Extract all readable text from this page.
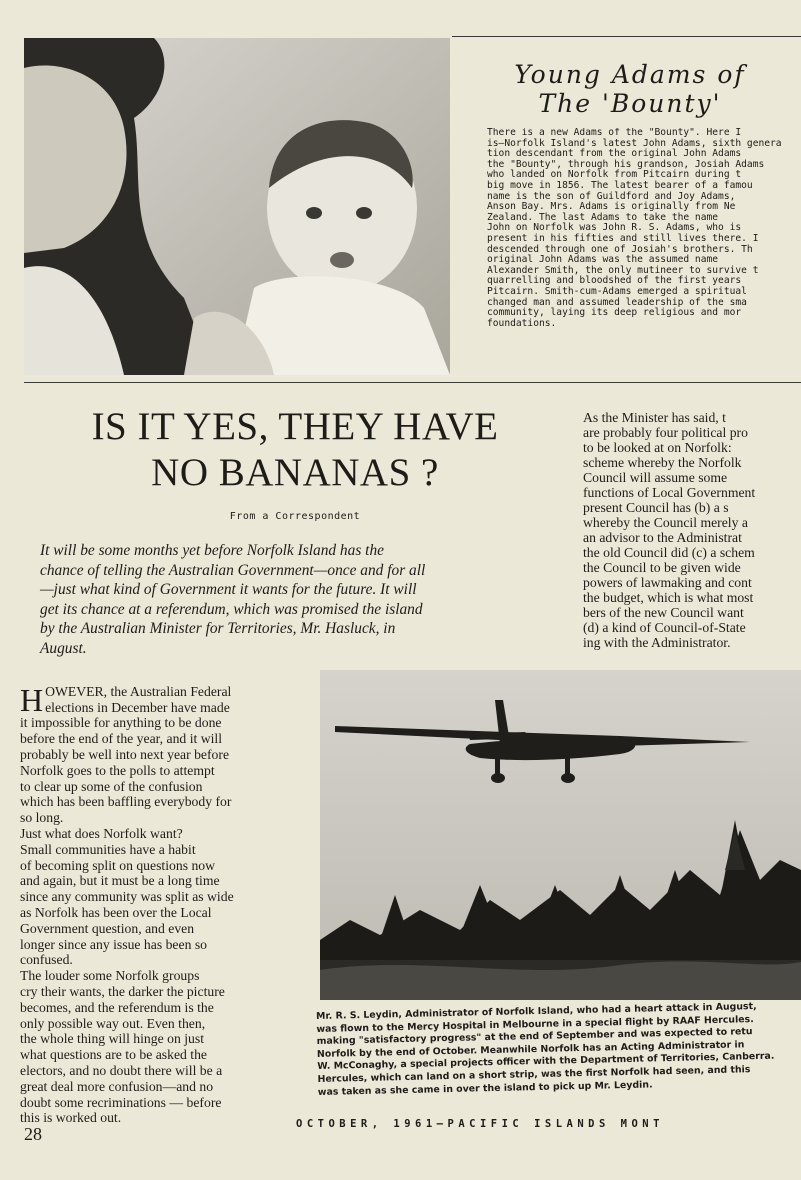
Young Adams of
The 'Bounty'
There is a new Adams of the "Bounty". Here I
is—Norfolk Island's latest John Adams, sixth genera
tion descendant from the original John Adams
the "Bounty", through his grandson, Josiah Adams
who landed on Norfolk from Pitcairn during t
big move in 1856. The latest bearer of a famou
name is the son of Guildford and Joy Adams,
Anson Bay. Mrs. Adams is originally from Ne
Zealand. The last Adams to take the name
John on Norfolk was John R. S. Adams, who is
present in his fifties and still lives there. I
descended through one of Josiah's brothers. Th
original John Adams was the assumed name
Alexander Smith, the only mutineer to survive t
quarrelling and bloodshed of the first years
Pitcairn. Smith-cum-Adams emerged a spiritual
changed man and assumed leadership of the sma
community, laying its deep religious and mor
foundations.
IS IT YES, THEY HAVE
NO BANANAS ?
From a Correspondent
It will be some months yet before Norfolk Island has the
chance of telling the Australian Government—once and for all
—just what kind of Government it wants for the future. It will
get its chance at a referendum, which was promised the island
by the Australian Minister for Territories, Mr. Hasluck, in
August.
As the Minister has said, t
are probably four political pro
to be looked at on Norfolk:
scheme whereby the Norfolk
Council will assume some
functions of Local Government
present Council has (b) a s
whereby the Council merely a
an advisor to the Administrat
the old Council did (c) a schem
the Council to be given wide
powers of lawmaking and cont
the budget, which is what most
bers of the new Council want
(d) a kind of Council-of-State
ing with the Administrator.

HOWEVER, the Australian Federal
elections in December have made
it impossible for anything to be done
before the end of the year, and it will
probably be well into next year before
Norfolk goes to the polls to attempt
to clear up some of the confusion
which has been baffling everybody for
so long.
Just what does Norfolk want?
Small communities have a habit
of becoming split on questions now
and again, but it must be a long time
since any community was split as wide
as Norfolk has been over the Local
Government question, and even
longer since any issue has been so
confused.
The louder some Norfolk groups
cry their wants, the darker the picture
becomes, and the referendum is the
only possible way out. Even then,
the whole thing will hinge on just
what questions are to be asked the
electors, and no doubt there will be a
great deal more confusion—and no
doubt some recriminations — before
this is worked out.

Mr. R. S. Leydin, Administrator of Norfolk Island, who had a heart attack in August,
was flown to the Mercy Hospital in Melbourne in a special flight by RAAF Hercules.
making "satisfactory progress" at the end of September and was expected to retu
Norfolk by the end of October. Meanwhile Norfolk has an Acting Administrator in
W. McConaghy, a special projects officer with the Department of Territories, Canberra.
Hercules, which can land on a short strip, was the first Norfolk had seen, and this
was taken as she came in over the island to pick up Mr. Leydin.
28	OCTOBER, 1961—PACIFIC ISLANDS MONT
